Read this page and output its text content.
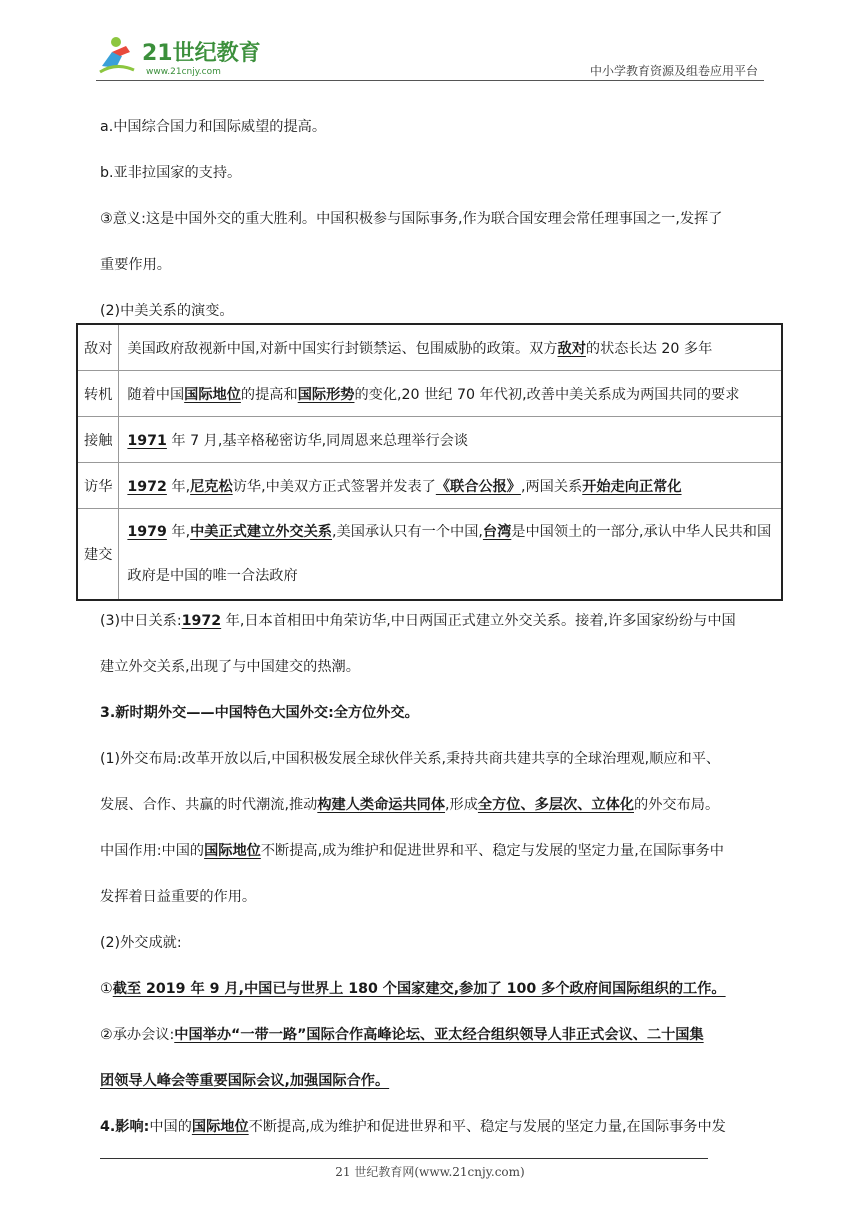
21世纪教育
www.21cnjy.com	中小学教育资源及组卷应用平台

a.中国综合国力和国际威望的提高。

b.亚非拉国家的支持。

③意义:这是中国外交的重大胜利。中国积极参与国际事务,作为联合国安理会常任理事国之一,发挥了

重要作用。

(2)中美关系的演变。

敌对	美国政府敌视新中国,对新中国实行封锁禁运、包围威胁的政策。双方敌对的状态长达 20 多年
转机	随着中国国际地位的提高和国际形势的变化,20 世纪 70 年代初,改善中美关系成为两国共同的要求
接触	1971 年 7 月,基辛格秘密访华,同周恩来总理举行会谈
访华	1972 年,尼克松访华,中美双方正式签署并发表了《联合公报》,两国关系开始走向正常化
建交	1979 年,中美正式建立外交关系,美国承认只有一个中国,台湾是中国领土的一部分,承认中华人民共和国政府是中国的唯一合法政府

(3)中日关系:1972 年,日本首相田中角荣访华,中日两国正式建立外交关系。接着,许多国家纷纷与中国

建立外交关系,出现了与中国建交的热潮。

3.新时期外交——中国特色大国外交:全方位外交。

(1)外交布局:改革开放以后,中国积极发展全球伙伴关系,秉持共商共建共享的全球治理观,顺应和平、

发展、合作、共赢的时代潮流,推动构建人类命运共同体,形成全方位、多层次、立体化的外交布局。

中国作用:中国的国际地位不断提高,成为维护和促进世界和平、稳定与发展的坚定力量,在国际事务中

发挥着日益重要的作用。

(2)外交成就:

①截至 2019 年 9 月,中国已与世界上 180 个国家建交,参加了 100 多个政府间国际组织的工作。

②承办会议:中国举办“一带一路”国际合作高峰论坛、亚太经合组织领导人非正式会议、二十国集

团领导人峰会等重要国际会议,加强国际合作。

4.影响:中国的国际地位不断提高,成为维护和促进世界和平、稳定与发展的坚定力量,在国际事务中发

21 世纪教育网(www.21cnjy.com)
